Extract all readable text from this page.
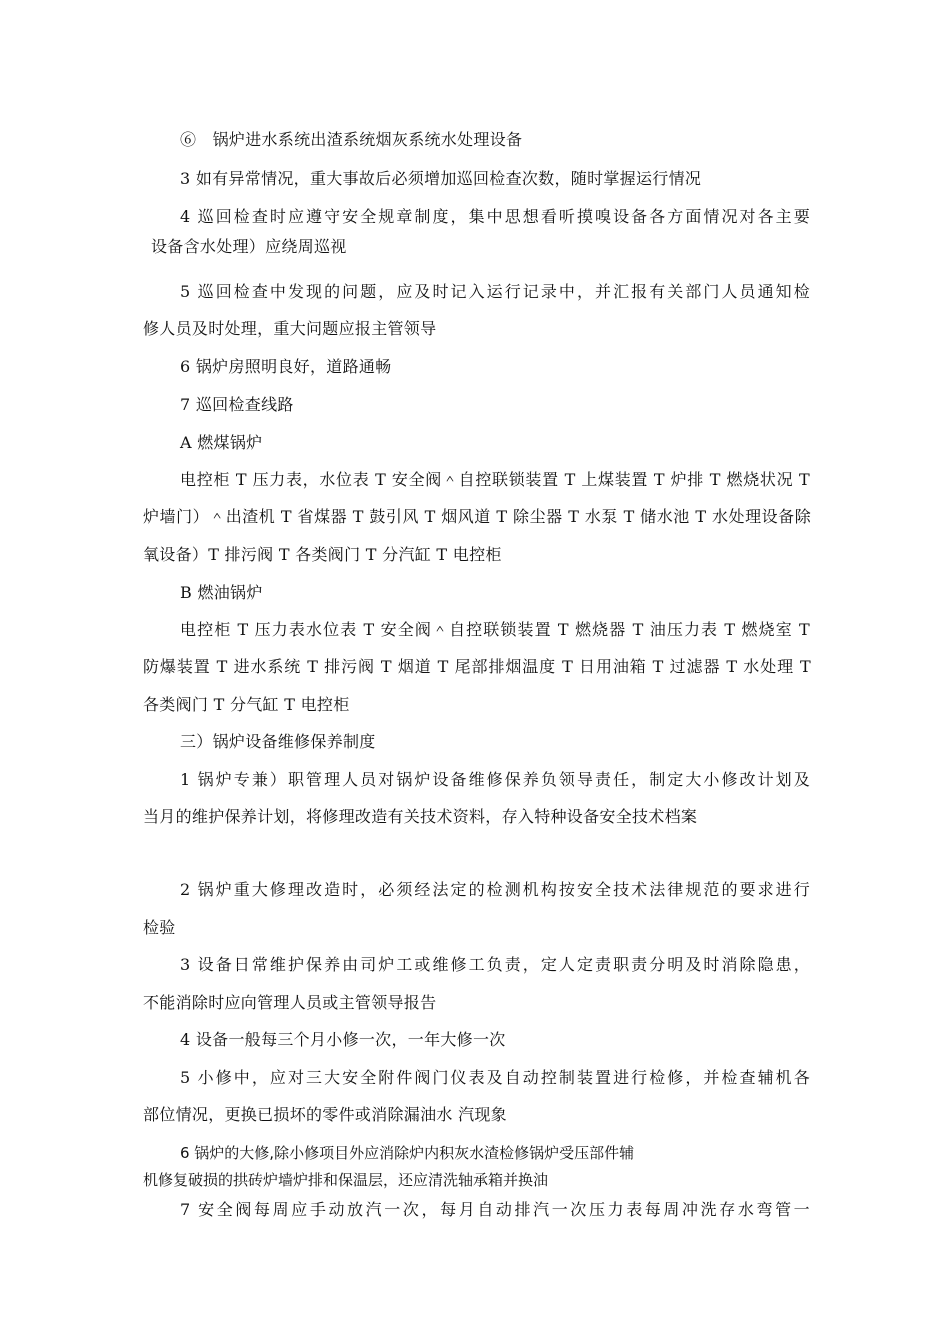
⑥　锅炉进水系统出渣系统烟灰系统水处理设备
3 如有异常情况，重大事故后必须增加巡回检查次数，随时掌握运行情况
4 巡回检查时应遵守安全规章制度，集中思想看听摸嗅设备各方面情况对各主要
设备含水处理）应绕周巡视
5 巡回检查中发现的问题，应及时记入运行记录中，并汇报有关部门人员通知检
修人员及时处理，重大问题应报主管领导
6 锅炉房照明良好，道路通畅
7 巡回检查线路
A 燃煤锅炉
电控柜 T 压力表，水位表 T 安全阀＾自控联锁装置 T 上煤装置 T 炉排 T 燃烧状况 T
炉墙门）＾出渣机 T 省煤器 T 鼓引风 T 烟风道 T 除尘器 T 水泵 T 储水池 T 水处理设备除
氧设备）T 排污阀 T 各类阀门 T 分汽缸 T 电控柜
B 燃油锅炉
电控柜 T 压力表水位表 T 安全阀＾自控联锁装置 T 燃烧器 T 油压力表 T 燃烧室 T
防爆装置 T 进水系统 T 排污阀 T 烟道 T 尾部排烟温度 T 日用油箱 T 过滤器 T 水处理 T
各类阀门 T 分气缸 T 电控柜
三）锅炉设备维修保养制度
1 锅炉专兼）职管理人员对锅炉设备维修保养负领导责任，制定大小修改计划及
当月的维护保养计划，将修理改造有关技术资料，存入特种设备安全技术档案
2 锅炉重大修理改造时，必须经法定的检测机构按安全技术法律规范的要求进行
检验
3 设备日常维护保养由司炉工或维修工负责，定人定责职责分明及时消除隐患，
不能消除时应向管理人员或主管领导报告
4 设备一般每三个月小修一次，一年大修一次
5 小修中，应对三大安全附件阀门仪表及自动控制装置进行检修，并检查辅机各
部位情况，更换已损坏的零件或消除漏油水 汽现象
6 锅炉的大修,除小修项目外应消除炉内积灰水渣检修锅炉受压部件辅
机修复破损的拱砖炉墙炉排和保温层，还应清洗轴承箱并换油
7 安全阀每周应手动放汽一次，每月自动排汽一次压力表每周冲洗存水弯管一
